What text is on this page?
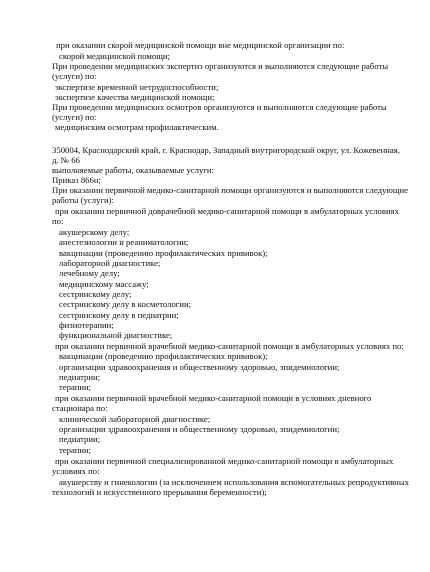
при оказании скорой медицинской помощи вне медицинской организации по:
скорой медицинской помощи;
При проведении медицинских экспертиз организуются и выполняются следующие работы
(услуги) по:
экспертизе временной нетрудоспособности;
экспертизе качества медицинской помощи;
При проведении медицинских осмотров организуются и выполняются следующие работы
(услуги) по:
медицинским осмотрам профилактическим.
350004, Краснодарский край, г. Краснодар, Западный внутригородской округ, ул. Кожевенная,
д. № 66
выполняемые работы, оказываемые услуги:
Приказ 866н;
При оказании первичной медико-санитарной помощи организуются и выполняются следующие
работы (услуги):
при оказании первичной доврачебной медико-санитарной помощи в амбулаторных условиях
по:
акушерскому делу;
анестезиологии и реаниматологии;
вакцинации (проведению профилактических прививок);
лабораторной диагностике;
лечебному делу;
медицинскому массажу;
сестринскому делу;
сестринскому делу в косметологии;
сестринскому делу в педиатрии;
физиотерапии;
функциональной диагностике;
при оказании первичной врачебной медико-санитарной помощи в амбулаторных условиях по:
вакцинации (проведению профилактических прививок);
организации здравоохранения и общественному здоровью, эпидемиологии;
педиатрии;
терапии;
при оказании первичной врачебной медико-санитарной помощи в условиях дневного
стационара по:
клинической лабораторной диагностике;
организации здравоохранения и общественному здоровью, эпидемиологии;
педиатрии;
терапии;
при оказании первичной специализированной медико-санитарной помощи в амбулаторных
условиях по:
акушерству и гинекологии (за исключением использования вспомогательных репродуктивных
технологий и искусственного прерывания беременности);
